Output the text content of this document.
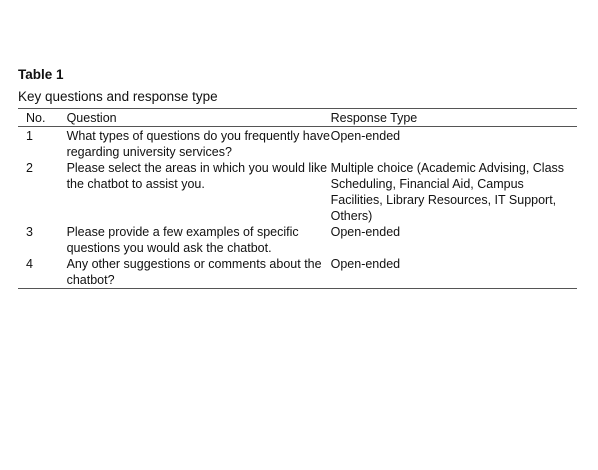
Table 1

Key questions and response type

No.	Question	Response Type
1	What types of questions do you frequently have regarding university services?	Open-ended
2	Please select the areas in which you would like the chatbot to assist you.	Multiple choice (Academic Advising, Class Scheduling, Financial Aid, Campus Facilities, Library Resources, IT Support, Others)
3	Please provide a few examples of specific questions you would ask the chatbot.	Open-ended
4	Any other suggestions or comments about the chatbot?	Open-ended
